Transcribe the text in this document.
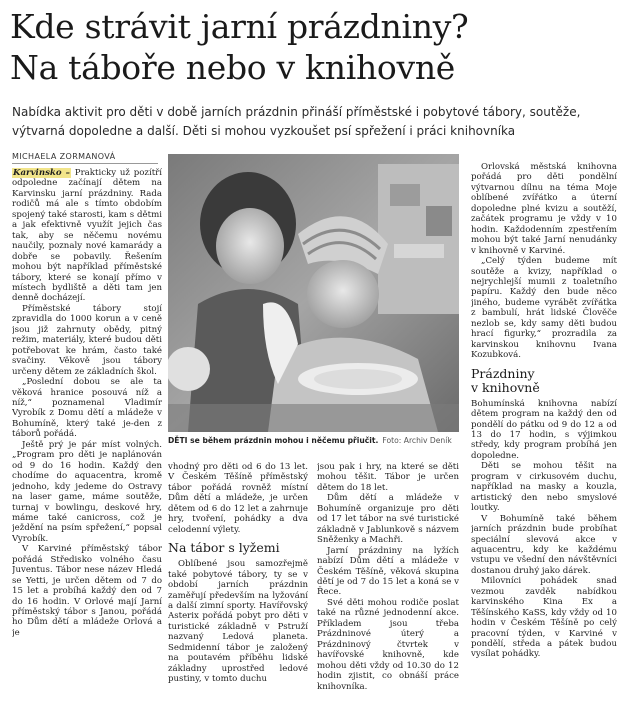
Kde strávit jarní prázdniny?
Na táboře nebo v knihovně

Nabídka aktivit pro děti v době jarních prázdnin přináší příměstské i pobytové tábory, soutěže, výtvarná dopoledne a další. Děti si mohou vyzkoušet psí spřežení i práci knihovníka

MICHAELA ZORMANOVÁ

Karvinsko – Prakticky už pozítří odpoledne začínají dětem na Karvinsku jarní prázdniny. Rada rodičů má ale s tímto obdobím spojený také starosti, kam s dětmi a jak efektivně využít jejich čas tak, aby se něčemu novému naučily, poznaly nové kamarády a dobře se pobavily. Řešením mohou být například příměstské tábory, které se konají přímo v místech bydliště a děti tam jen denně docházejí.

Příměstské tábory stojí zpravidla do 1000 korun a v ceně jsou již zahrnuty obědy, pitný režim, materiály, které budou děti potřebovat ke hrám, často také svačiny. Věkově jsou tábory určeny dětem ze základních škol.

„Poslední dobou se ale ta věková hranice posouvá níž a níž,“ poznamenal Vladimír Vyrobík z Domu dětí a mládeže v Bohumíně, který také je-den z táborů pořádá.

Ještě prý je pár míst volných. „Program pro děti je naplánován od 9 do 16 hodin. Každý den chodíme do aquacentra, kromě jednoho, kdy jedeme do Ostravy na laser game, máme soutěže, turnaj v bowlingu, deskové hry, máme také canicross, což je ježdění na psím spřežení,“ popsal Vyrobík.

V Karviné příměstský tábor pořádá Středisko volného času Juventus. Tábor nese název Hledá se Yetti, je určen dětem od 7 do 15 let a probíhá každý den od 7 do 16 hodin. V Orlové mají Jarní příměstský tábor s Janou, pořádá ho Dům dětí a mládeže Orlová a je

DĚTI se během prázdnin mohou i něčemu přiučit. Foto: Archiv Deník

vhodný pro děti od 6 do 13 let. V Českém Těšíně příměstský tábor pořádá rovněž místní Dům dětí a mládeže, je určen dětem od 6 do 12 let a zahrnuje hry, tvoření, pohádky a dva celodenní výlety.

Na tábor s lyžemi

Oblíbené jsou samozřejmě také pobytové tábory, ty se v období jarních prázdnin zaměřují především na lyžování a další zimní sporty. Havířovský Asterix pořádá pobyt pro děti v turistické základně v Pstruží nazvaný Ledová planeta. Sedmidenní tábor je založený na poutavém příběhu lidské základny uprostřed ledové pustiny, v tomto duchu

jsou pak i hry, na které se děti mohou těšit. Tábor je určen dětem do 18 let.

Dům dětí a mládeže v Bohumíně organizuje pro děti od 17 let tábor na své turistické základně v Jablunkově s názvem Sněženky a Machři.

Jarní prázdniny na lyžích nabízí Dům dětí a mládeže v Českém Těšíně, věková skupina dětí je od 7 do 15 let a koná se v Řece.

Své děti mohou rodiče poslat také na různé jednodenní akce. Příkladem jsou třeba Prázdninové úterý a Prázdninový čtvrtek v havířovské knihovně, kde mohou děti vždy od 10.30 do 12 hodin zjistit, co obnáší práce knihovníka.

Orlovská městská knihovna pořádá pro děti pondělní výtvarnou dílnu na téma Moje oblíbené zvířátko a úterní dopoledne plné kvizu a soutěží, začátek programu je vždy v 10 hodin. Každodenním zpestřením mohou být také Jarní nenudánky v knihovně v Karviné.

„Celý týden budeme mít soutěže a kvizy, například o nejrychlejší mumii z toaletního papíru. Každý den bude něco jiného, budeme vyrábět zvířátka z bambulí, hrát lidské Člověče nezlob se, kdy samy děti budou hrací figurky,“ prozradila za karvinskou knihovnu Ivana Kozubková.

Prázdniny
v knihovně

Bohumínská knihovna nabízí dětem program na každý den od pondělí do pátku od 9 do 12 a od 13 do 17 hodin, s výjimkou středy, kdy program probíhá jen dopoledne.

Děti se mohou těšit na program v cirkusovém duchu, například na masky a kouzla, artistický den nebo smyslové loutky.

V Bohumíně také během jarních prázdnin bude probíhat speciální slevová akce v aquacentru, kdy ke každému vstupu ve všední den návštěvníci dostanou druhý jako dárek.

Milovníci pohádek snad vezmou zavděk nabídkou karvinského Kina Ex a Těšínského KaSS, kdy vždy od 10 hodin v Českém Těšíně po celý pracovní týden, v Karviné v pondělí, středa a pátek budou vysílat pohádky.
